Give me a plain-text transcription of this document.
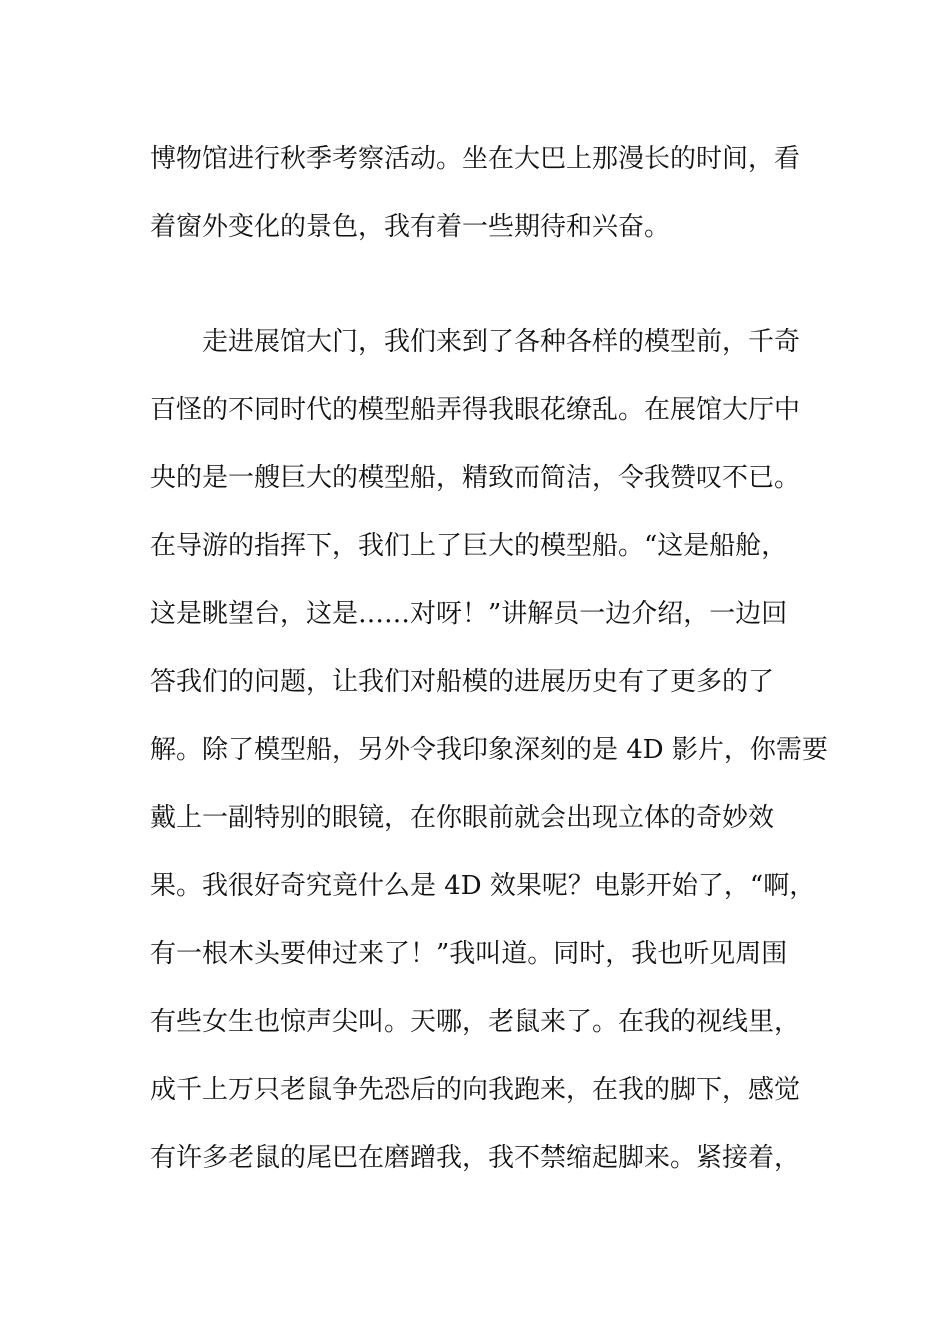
博物馆进行秋季考察活动。坐在大巴上那漫长的时间，看

着窗外变化的景色，我有着一些期待和兴奋。

走进展馆大门，我们来到了各种各样的模型前，千奇

百怪的不同时代的模型船弄得我眼花缭乱。在展馆大厅中

央的是一艘巨大的模型船，精致而简洁，令我赞叹不已。

在导游的指挥下，我们上了巨大的模型船。“这是船舱，

这是眺望台，这是……对呀！”讲解员一边介绍，一边回

答我们的问题，让我们对船模的进展历史有了更多的了

解。除了模型船，另外令我印象深刻的是 4D 影片，你需要

戴上一副特别的眼镜，在你眼前就会出现立体的奇妙效

果。我很好奇究竟什么是 4D 效果呢？电影开始了，“啊，

有一根木头要伸过来了！”我叫道。同时，我也听见周围

有些女生也惊声尖叫。天哪，老鼠来了。在我的视线里，

成千上万只老鼠争先恐后的向我跑来，在我的脚下，感觉

有许多老鼠的尾巴在磨蹭我，我不禁缩起脚来。紧接着，
